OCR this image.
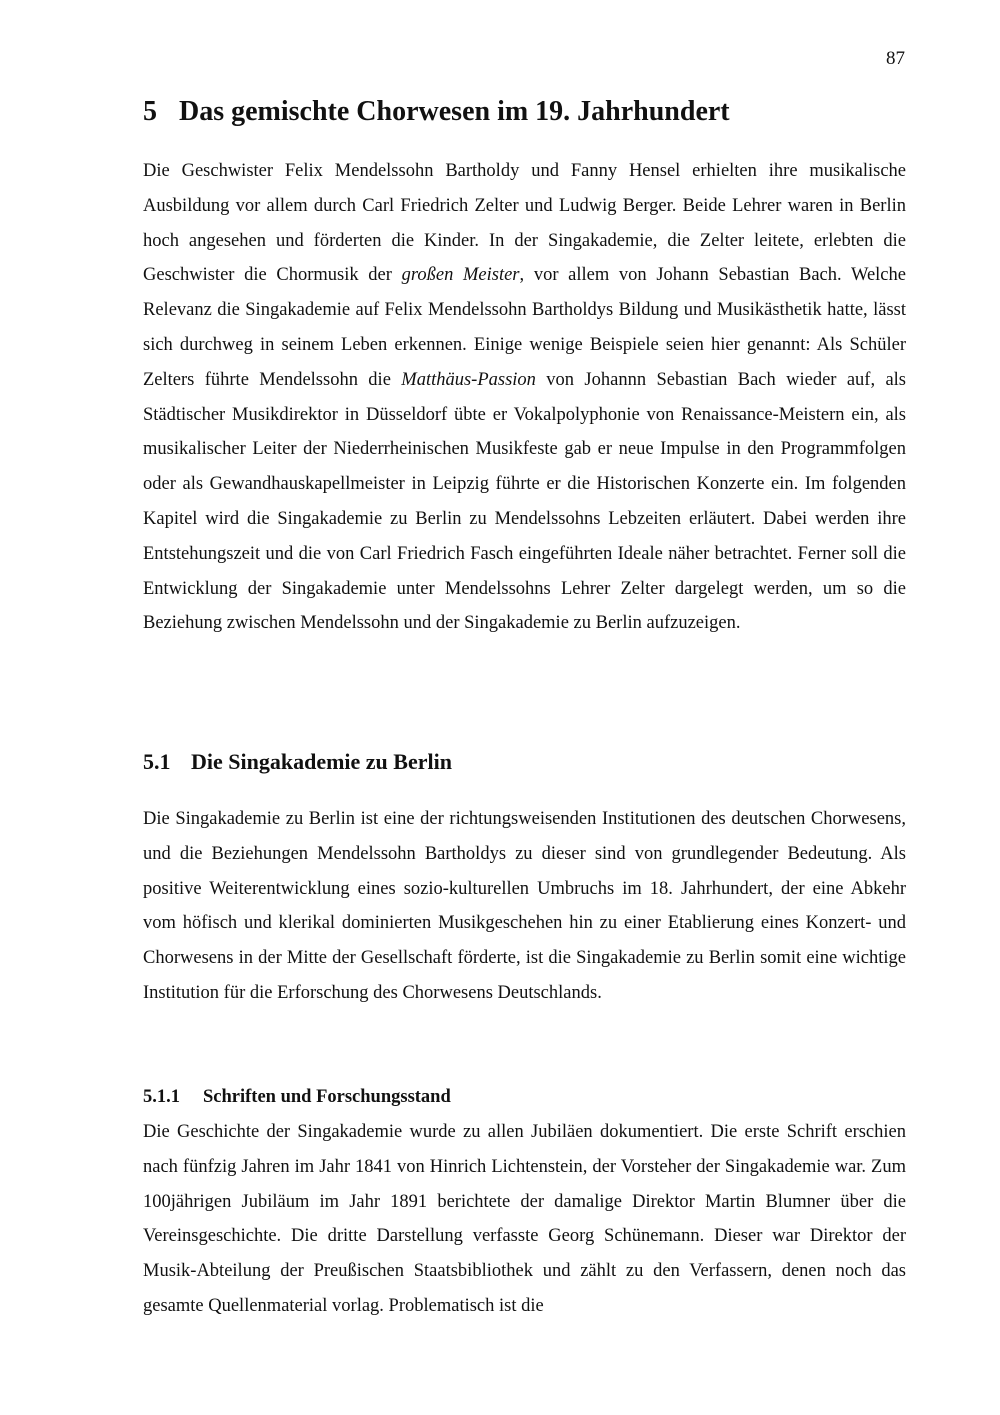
87
5 Das gemischte Chorwesen im 19. Jahrhundert

Die Geschwister Felix Mendelssohn Bartholdy und Fanny Hensel erhielten ihre musikalische Ausbildung vor allem durch Carl Friedrich Zelter und Ludwig Berger. Beide Lehrer waren in Berlin hoch angesehen und förderten die Kinder. In der Singakademie, die Zelter leitete, erlebten die Geschwister die Chormusik der großen Meister, vor allem von Johann Sebastian Bach. Welche Relevanz die Singakademie auf Felix Mendelssohn Bartholdys Bildung und Musikästhetik hatte, lässt sich durchweg in seinem Leben erkennen. Einige wenige Beispiele seien hier genannt: Als Schüler Zelters führte Mendelssohn die Matthäus-Passion von Johannn Sebastian Bach wieder auf, als Städtischer Musikdirektor in Düsseldorf übte er Vokalpolyphonie von Renaissance-Meistern ein, als musikalischer Leiter der Niederrheinischen Musikfeste gab er neue Impulse in den Programmfolgen oder als Gewandhauskapellmeister in Leipzig führte er die Historischen Konzerte ein. Im folgenden Kapitel wird die Singakademie zu Berlin zu Mendelssohns Lebzeiten erläutert. Dabei werden ihre Entstehungszeit und die von Carl Friedrich Fasch eingeführten Ideale näher betrachtet. Ferner soll die Entwicklung der Singakademie unter Mendelssohns Lehrer Zelter dargelegt werden, um so die Beziehung zwischen Mendelssohn und der Singakademie zu Berlin aufzuzeigen.

5.1 Die Singakademie zu Berlin

Die Singakademie zu Berlin ist eine der richtungsweisenden Institutionen des deutschen Chorwesens, und die Beziehungen Mendelssohn Bartholdys zu dieser sind von grundlegender Bedeutung. Als positive Weiterentwicklung eines sozio-kulturellen Umbruchs im 18. Jahrhundert, der eine Abkehr vom höfisch und klerikal dominierten Musikgeschehen hin zu einer Etablierung eines Konzert- und Chorwesens in der Mitte der Gesellschaft förderte, ist die Singakademie zu Berlin somit eine wichtige Institution für die Erforschung des Chorwesens Deutschlands.

5.1.1 Schriften und Forschungsstand

Die Geschichte der Singakademie wurde zu allen Jubiläen dokumentiert. Die erste Schrift erschien nach fünfzig Jahren im Jahr 1841 von Hinrich Lichtenstein, der Vorsteher der Singakademie war. Zum 100jährigen Jubiläum im Jahr 1891 berichtete der damalige Direktor Martin Blumner über die Vereinsgeschichte. Die dritte Darstellung verfasste Georg Schünemann. Dieser war Direktor der Musik-Abteilung der Preußischen Staatsbibliothek und zählt zu den Verfassern, denen noch das gesamte Quellenmaterial vorlag. Problematisch ist die
